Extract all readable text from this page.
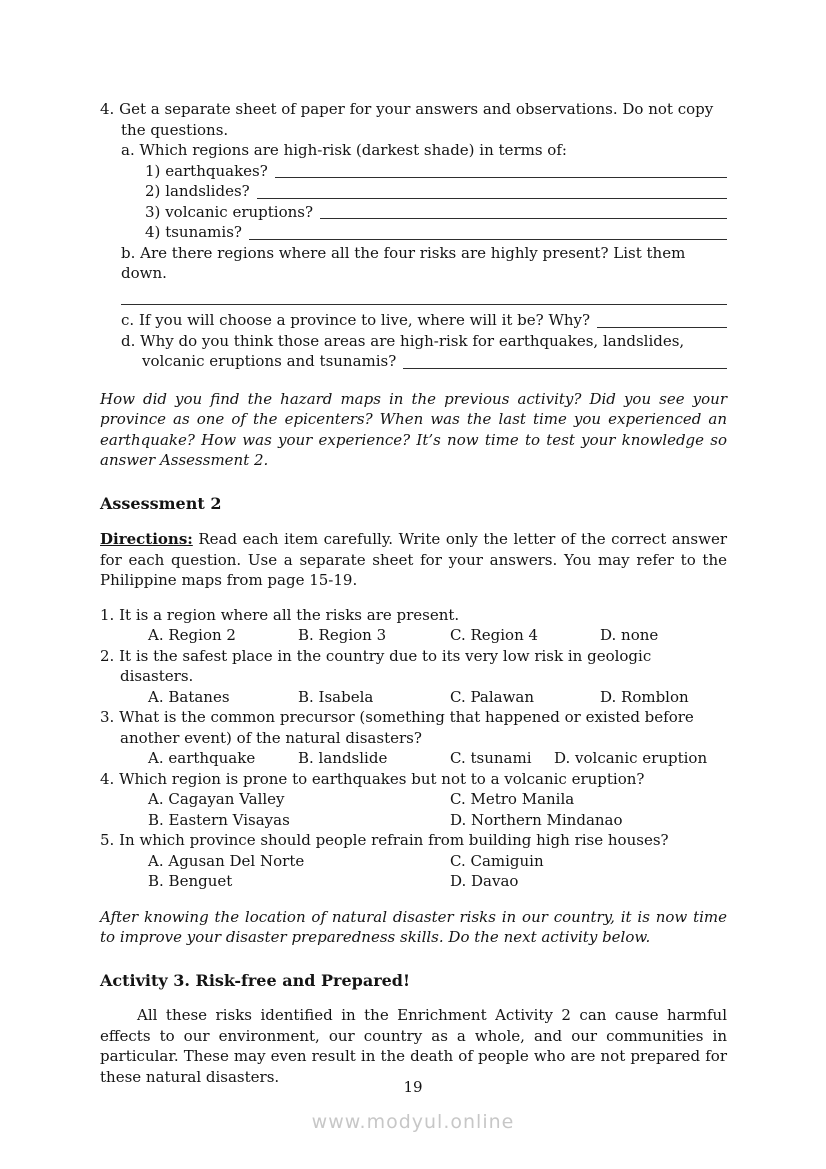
4. Get a separate sheet of paper for your answers and observations. Do not copy the questions.
a. Which regions are high-risk (darkest shade) in terms of:
1) earthquakes?
2) landslides?
3) volcanic eruptions?
4) tsunamis?
b. Are there regions where all the four risks are highly present? List them down.
c. If you will choose a province to live, where will it be? Why?
d. Why do you think those areas are high-risk for earthquakes, landslides,
volcanic eruptions and tsunamis?
How did you find the hazard maps in the previous activity? Did you see your province as one of the epicenters? When was the last time you experienced an earthquake? How was your experience? It’s now time to test your knowledge so answer Assessment 2.
Assessment 2
Directions: Read each item carefully. Write only the letter of the correct answer for each question. Use a separate sheet for your answers. You may refer to the Philippine maps from page 15-19.
1. It is a region where all the risks are present.
A. Region 2	B. Region 3	C. Region 4	D. none
2. It is the safest place in the country due to its very low risk in geologic disasters.
A. Batanes	B. Isabela	C. Palawan	D. Romblon
3. What is the common precursor (something that happened or existed before another event) of the natural disasters?
A. earthquake	B. landslide	C. tsunami	D. volcanic eruption
4. Which region is prone to earthquakes but not to a volcanic eruption?
A. Cagayan Valley	C. Metro Manila
B. Eastern Visayas	D. Northern Mindanao
5. In which province should people refrain from building high rise houses?
A. Agusan Del Norte	C. Camiguin
B. Benguet	D. Davao
After knowing the location of natural disaster risks in our country, it is now time to improve your disaster preparedness skills. Do the next activity below.
Activity 3. Risk-free and Prepared!
All these risks identified in the Enrichment Activity 2 can cause harmful effects to our environment, our country as a whole, and our communities in particular. These may even result in the death of people who are not prepared for these natural disasters.
19
www.modyul.online
